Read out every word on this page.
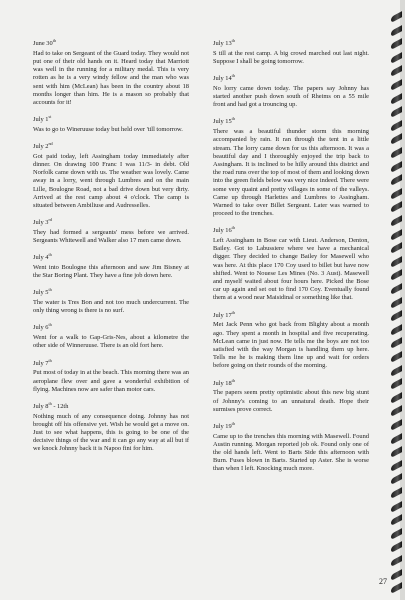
June 30th
Had to take on Sergeant of the Guard today. They would not put one of their old hands on it. Heard today that Marriott was well in the running for a military medal. This is very rotten as he is a very windy fellow and the man who was sent with him (McLean) has been in the country about 18 months longer than him. He is a mason so probably that accounts for it!
July 1st
Was to go to Wineruuse today but held over 'till tomorrow.
July 2nd
Got paid today, left Assingham today immediately after dinner. On drawing 100 Franc I was 11/3- in debt. Old Norfolk came down with us. The weather was lovely. Came away in a lorry, went through Lumbres and on the main Lille, Boulogne Road, not a bad drive down but very dirty. Arrived at the rest camp about 4 o'clock. The camp is situated between Ambiliuse and Audresselles.
July 3rd
They had formed a sergeants' mess before we arrived. Sergeants Whitewell and Walker also 17 men came down.
July 4th
Went into Boulogne this afternoon and saw Jim Bisney at the Star Boring Plant. They have a fine job down here.
July 5th
The water is Tres Bon and not too much undercurrent. The only thing wrong is there is no surf.
July 6th
Went for a walk to Gap-Gris-Nes, about a kilometre the other side of Winneruuse. There is an old fort here.
July 7th
Put most of today in at the beach. This morning there was an aeroplane flew over and gave a wonderful exhibition of flying. Machines now are safer than motor cars.
July 8th - 12th
Nothing much of any consequence doing. Johnny has not brought off his offensive yet. Wish he would get a move on. Just to see what happens, this is going to be one of the decisive things of the war and it can go any way at all but if we knock Johnny back it is Napoo fini for him.
July 13th
S till at the rest camp. A big crowd marched out last night. Suppose I shall be going tomorrow.
July 14th
No lorry came down today. The papers say Johnny has started another push down south of Rheims on a 55 mile front and had got a trouncing up.
July 15th
There was a beautiful thunder storm this morning accompanied by rain. It ran through the tent in a little stream. The lorry came down for us this afternoon. It was a beautiful day and I thoroughly enjoyed the trip back to Assingham. It is inclined to be hilly around this district and the road runs over the top of most of them and looking down into the green fields below was very nice indeed. There were some very quaint and pretty villages in some of the valleys. Came up through Harlettes and Lumbres to Assingham. Warned to take over Billet Sergeant. Later was warned to proceed to the trenches.
July 16th
Left Assingham in Bose car with Lieut. Anderson, Denton, Bailey. Got to Labussiere where we have a mechanical digger. They decided to change Bailey for Masewell who was here. At this place 170 Coy used to billet but have now shifted. Went to Nouese Les Mines (No. 3 Aust). Masewell and myself waited about four hours here. Picked the Bose car up again and set out to find 170 Coy. Eventually found them at a wood near Maisidinal or something like that.
July 17th
Met Jack Penn who got back from Blighty about a month ago. They spent a month in hospital and five recuperating. McLean came in just now. He tells me the boys are not too satisfied with the way Morgan is handling them up here. Tells me he is making them line up and wait for orders before going on their rounds of the morning.
July 18th
The papers seem pretty optimistic about this new big stunt of Johnny's coming to an unnatural death. Hope their surmises prove correct.
July 19th
Came up to the trenches this morning with Masewell. Found Austin running. Morgan reported job ok. Found only one of the old hands left. Went to Barts Side this afternoon with Burn. Fuses blown in Barts. Started up Aster. She is worse than when I left. Knocking much more.
27
